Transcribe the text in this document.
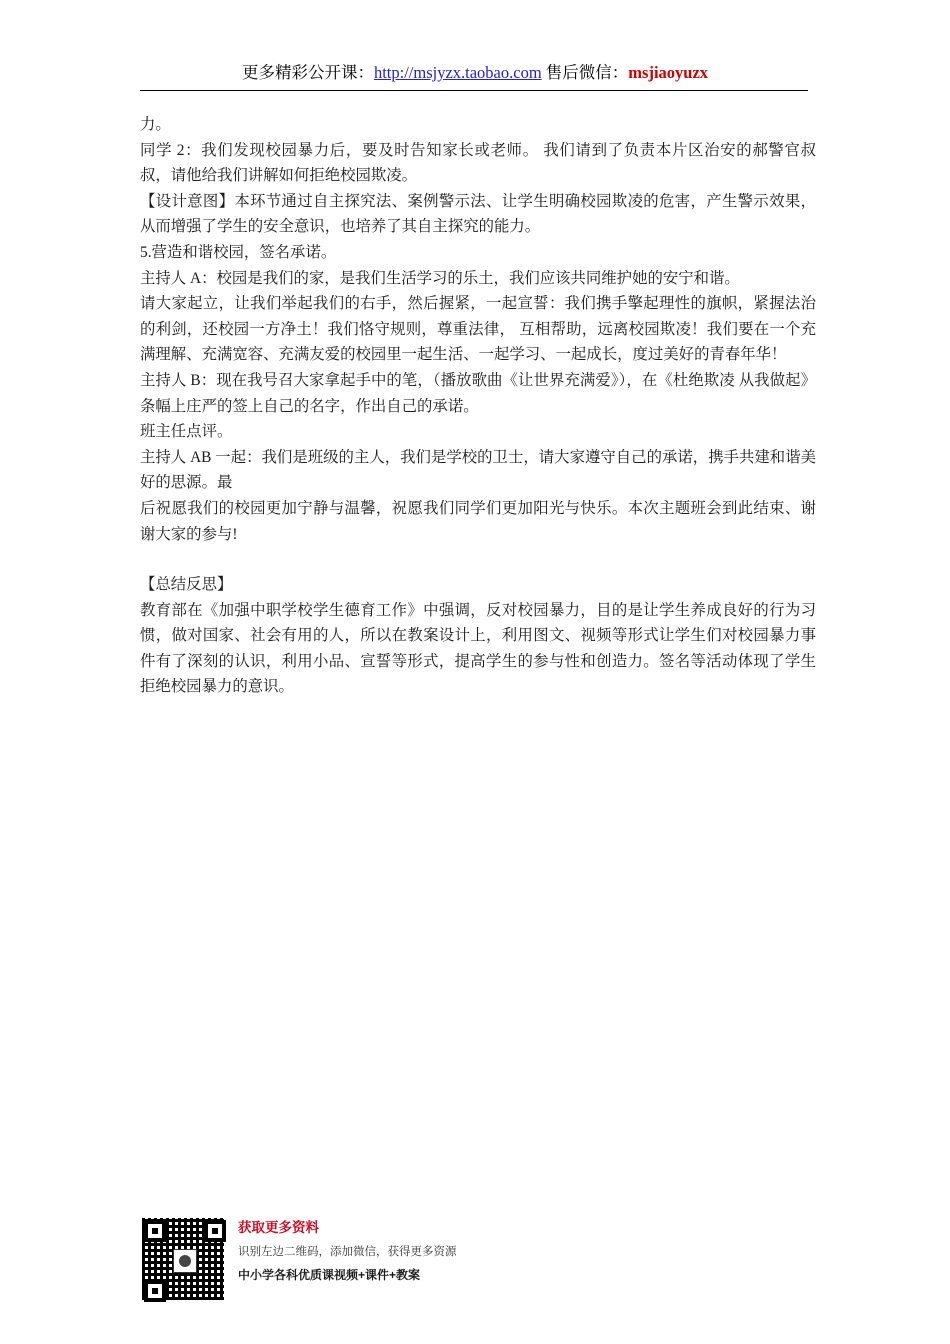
更多精彩公开课：http://msjyzx.taobao.com 售后微信：msjiaoyuzx

力。

同学 2：我们发现校园暴力后，要及时告知家长或老师。 我们请到了负责本片区治安的郝警官叔叔，请他给我们讲解如何拒绝校园欺凌。

【设计意图】本环节通过自主探究法、案例警示法、让学生明确校园欺凌的危害，产生警示效果，从而增强了学生的安全意识，也培养了其自主探究的能力。

5.营造和谐校园，签名承诺。

主持人 A：校园是我们的家，是我们生活学习的乐土，我们应该共同维护她的安宁和谐。

请大家起立，让我们举起我们的右手，然后握紧，一起宣誓：我们携手擎起理性的旗帜，紧握法治的利剑，还校园一方净土！我们恪守规则，尊重法律， 互相帮助，远离校园欺凌！我们要在一个充满理解、充满宽容、充满友爱的校园里一起生活、一起学习、一起成长，度过美好的青春年华！

主持人 B：现在我号召大家拿起手中的笔，（播放歌曲《让世界充满爱》），在《杜绝欺凌 从我做起》条幅上庄严的签上自己的名字，作出自己的承诺。

班主任点评。

主持人 AB 一起：我们是班级的主人，我们是学校的卫士，请大家遵守自己的承诺，携手共建和谐美好的思源。最

后祝愿我们的校园更加宁静与温馨，祝愿我们同学们更加阳光与快乐。本次主题班会到此结束、谢谢大家的参与!

【总结反思】

教育部在《加强中职学校学生德育工作》中强调，反对校园暴力，目的是让学生养成良好的行为习惯，做对国家、社会有用的人，所以在教案设计上，利用图文、视频等形式让学生们对校园暴力事件有了深刻的认识，利用小品、宣誓等形式，提高学生的参与性和创造力。签名等活动体现了学生拒绝校园暴力的意识。

获取更多资料
识别左边二维码，添加微信，获得更多资源
中小学各科优质课视频+课件+教案
